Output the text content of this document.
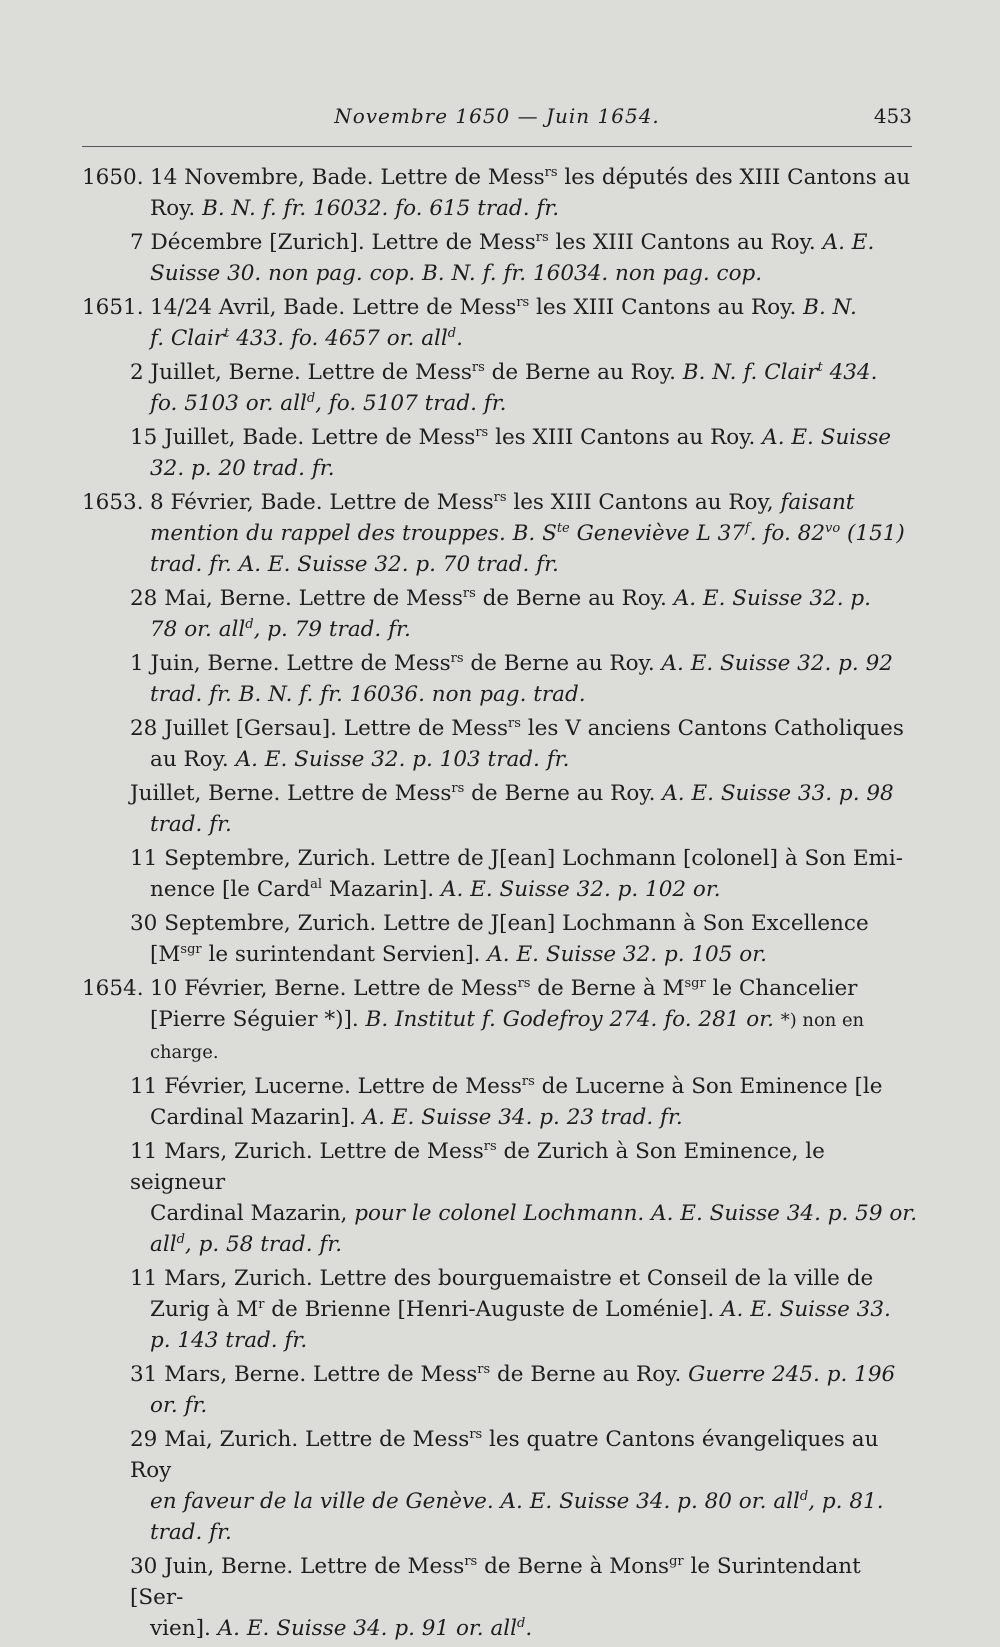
Novembre 1650 — Juin 1654.	453
1650. 14 Novembre, Bade. Lettre de Mess$^{rs}$ les députés des XIII Cantons au
Roy. B. N. f. fr. 16032. fo. 615 trad. fr.
7 Décembre [Zurich]. Lettre de Mess$^{rs}$ les XIII Cantons au Roy. A. E.
Suisse 30. non pag. cop. B. N. f. fr. 16034. non pag. cop.
1651. 14/24 Avril, Bade. Lettre de Mess$^{rs}$ les XIII Cantons au Roy. B. N.
f. Clair$^t$ 433. fo. 4657 or. all$^d$.
2 Juillet, Berne. Lettre de Mess$^{rs}$ de Berne au Roy. B. N. f. Clair$^t$ 434.
fo. 5103 or. all$^d$, fo. 5107 trad. fr.
15 Juillet, Bade. Lettre de Mess$^{rs}$ les XIII Cantons au Roy. A. E. Suisse
32. p. 20 trad. fr.
1653. 8 Février, Bade. Lettre de Mess$^{rs}$ les XIII Cantons au Roy, faisant
mention du rappel des trouppes. B. $S^{te}$ Geneviève L 37$^f$. fo. $82^{vo}$ (151)
trad. fr. A. E. Suisse 32. p. 70 trad. fr.
28 Mai, Berne. Lettre de Mess$^{rs}$ de Berne au Roy. A. E. Suisse 32. p.
78 or. all$^d$, p. 79 trad. fr.
1 Juin, Berne. Lettre de Mess$^{rs}$ de Berne au Roy. A. E. Suisse 32. p. 92
trad. fr. B. N. f. fr. 16036. non pag. trad.
28 Juillet [Gersau]. Lettre de Mess$^{rs}$ les V anciens Cantons Catholiques
au Roy. A. E. Suisse 32. p. 103 trad. fr.
Juillet, Berne. Lettre de Mess$^{rs}$ de Berne au Roy. A. E. Suisse 33. p. 98
trad. fr.
11 Septembre, Zurich. Lettre de J[ean] Lochmann [colonel] à Son Emi-
nence [le Card$^{al}$ Mazarin]. A. E. Suisse 32. p. 102 or.
30 Septembre, Zurich. Lettre de J[ean] Lochmann à Son Excellence
[$M^{sgr}$ le surintendant Servien]. A. E. Suisse 32. p. 105 or.
1654. 10 Février, Berne. Lettre de Mess$^{rs}$ de Berne à $M^{sgr}$ le Chancelier
[Pierre Séguier *)]. B. Institut f. Godefroy 274. fo. 281 or. *) non en charge.
11 Février, Lucerne. Lettre de Mess$^{rs}$ de Lucerne à Son Eminence [le
Cardinal Mazarin]. A. E. Suisse 34. p. 23 trad. fr.
11 Mars, Zurich. Lettre de Mess$^{rs}$ de Zurich à Son Eminence, le seigneur
Cardinal Mazarin, pour le colonel Lochmann. A. E. Suisse 34. p. 59 or.
all$^d$, p. 58 trad. fr.
11 Mars, Zurich. Lettre des bourguemaistre et Conseil de la ville de
Zurig à $M^r$ de Brienne [Henri-Auguste de Loménie]. A. E. Suisse 33.
p. 143 trad. fr.
31 Mars, Berne. Lettre de Mess$^{rs}$ de Berne au Roy. Guerre 245. p. 196
or. fr.
29 Mai, Zurich. Lettre de Mess$^{rs}$ les quatre Cantons évangeliques au Roy
en faveur de la ville de Genève. A. E. Suisse 34. p. 80 or. all$^d$, p. 81.
trad. fr.
30 Juin, Berne. Lettre de Mess$^{rs}$ de Berne à Mons$^{gr}$ le Surintendant [Ser-
vien]. A. E. Suisse 34. p. 91 or. all$^d$.
